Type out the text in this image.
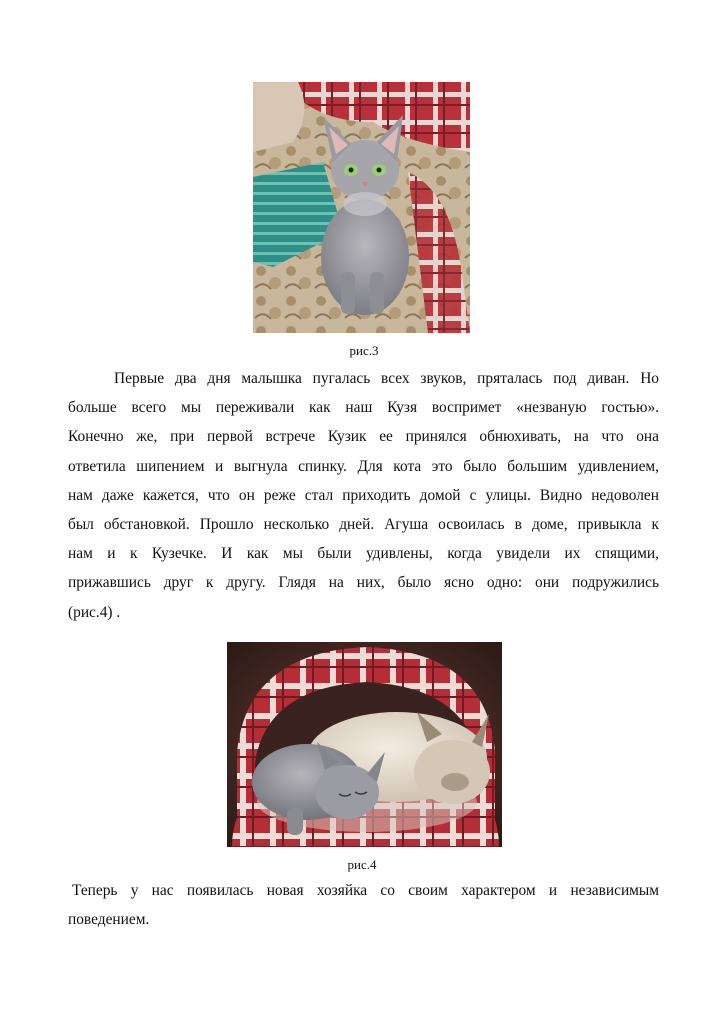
рис.3

Первые два дня малышка пугалась всех звуков, пряталась под диван. Но
больше всего мы переживали как наш Кузя воспримет «незваную гостью».
Конечно же, при первой встрече Кузик ее принялся обнюхивать, на что она
ответила шипением и выгнула спинку. Для кота это было большим удивлением,
нам даже кажется, что он реже стал приходить домой с улицы. Видно недоволен
был обстановкой. Прошло несколько дней. Агуша освоилась в доме, привыкла к
нам и к Кузечке. И как мы были удивлены, когда увидели их спящими,
прижавшись друг к другу. Глядя на них, было ясно одно: они подружились
(рис.4) .

рис.4

Теперь у нас появилась новая хозяйка со своим характером и независимым
поведением.
